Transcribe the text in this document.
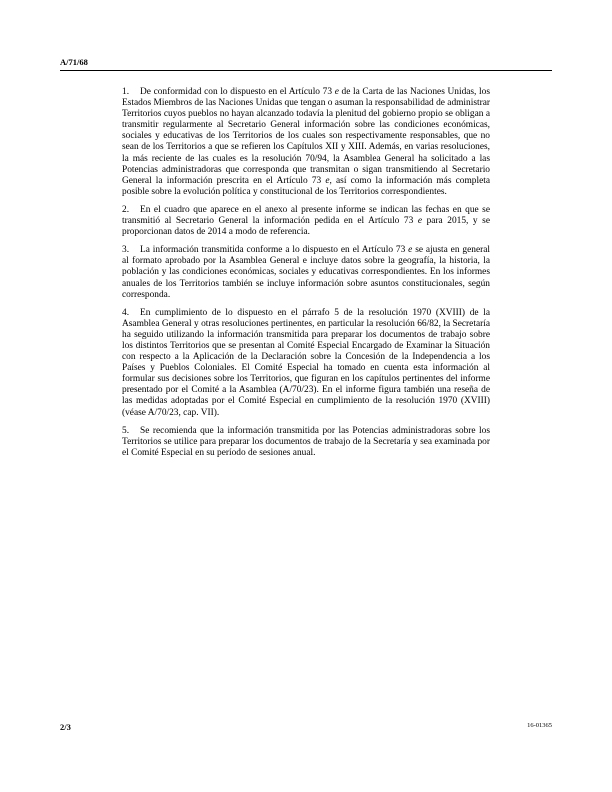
A/71/68

1. De conformidad con lo dispuesto en el Artículo 73 e de la Carta de las Naciones Unidas, los Estados Miembros de las Naciones Unidas que tengan o asuman la responsabilidad de administrar Territorios cuyos pueblos no hayan alcanzado todavía la plenitud del gobierno propio se obligan a transmitir regularmente al Secretario General información sobre las condiciones económicas, sociales y educativas de los Territorios de los cuales son respectivamente responsables, que no sean de los Territorios a que se refieren los Capítulos XII y XIII. Además, en varias resoluciones, la más reciente de las cuales es la resolución 70/94, la Asamblea General ha solicitado a las Potencias administradoras que corresponda que transmitan o sigan transmitiendo al Secretario General la información prescrita en el Artículo 73 e, así como la información más completa posible sobre la evolución política y constitucional de los Territorios correspondientes.

2. En el cuadro que aparece en el anexo al presente informe se indican las fechas en que se transmitió al Secretario General la información pedida en el Artículo 73 e para 2015, y se proporcionan datos de 2014 a modo de referencia.

3. La información transmitida conforme a lo dispuesto en el Artículo 73 e se ajusta en general al formato aprobado por la Asamblea General e incluye datos sobre la geografía, la historia, la población y las condiciones económicas, sociales y educativas correspondientes. En los informes anuales de los Territorios también se incluye información sobre asuntos constitucionales, según corresponda.

4. En cumplimiento de lo dispuesto en el párrafo 5 de la resolución 1970 (XVIII) de la Asamblea General y otras resoluciones pertinentes, en particular la resolución 66/82, la Secretaría ha seguido utilizando la información transmitida para preparar los documentos de trabajo sobre los distintos Territorios que se presentan al Comité Especial Encargado de Examinar la Situación con respecto a la Aplicación de la Declaración sobre la Concesión de la Independencia a los Países y Pueblos Coloniales. El Comité Especial ha tomado en cuenta esta información al formular sus decisiones sobre los Territorios, que figuran en los capítulos pertinentes del informe presentado por el Comité a la Asamblea (A/70/23). En el informe figura también una reseña de las medidas adoptadas por el Comité Especial en cumplimiento de la resolución 1970 (XVIII) (véase A/70/23, cap. VII).

5. Se recomienda que la información transmitida por las Potencias administradoras sobre los Territorios se utilice para preparar los documentos de trabajo de la Secretaría y sea examinada por el Comité Especial en su período de sesiones anual.

2/3	16-01365
